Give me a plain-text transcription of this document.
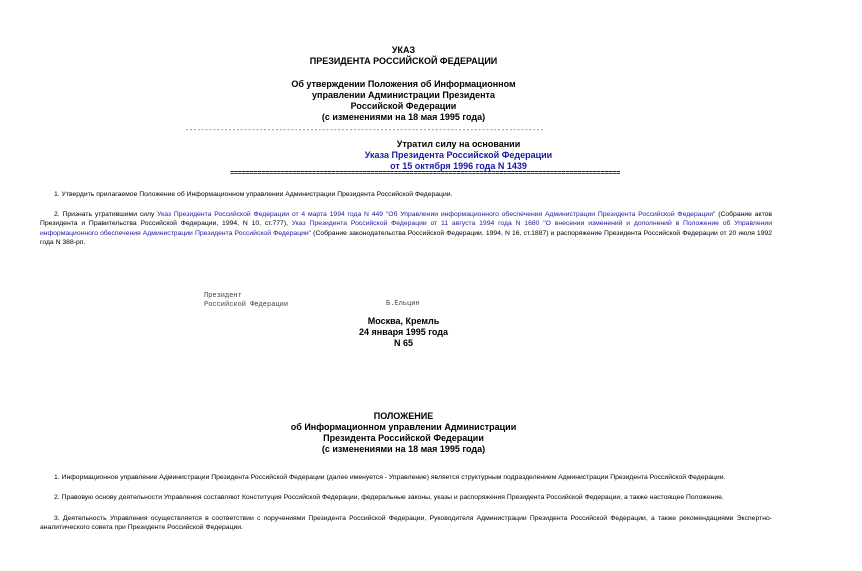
УКАЗ
ПРЕЗИДЕНТА РОССИЙСКОЙ ФЕДЕРАЦИИ
Об утверждении Положения об Информационном
управлении Администрации Президента
Российской Федерации
(с изменениями на 18 мая 1995 года)
--------------------------------------------------------------------------------------------
Утратил силу на основании
Указа Президента Российской Федерации
от 15 октября 1996 года N 1439
====================================================================================================
1. Утвердить прилагаемое Положение об Информационном управлении Администрации Президента Российской Федерации.
2. Признать утратившими силу Указ Президента Российской Федерации от 4 марта 1994 года N 449 "Об Управлении информационного обеспечения Администрации Президента Российской Федерации" (Собрание актов Президента и Правительства Российской Федерации, 1994, N 10, ст.777), Указ Президента Российской Федерации от 11 августа 1994 года N 1680 "О внесении изменений и дополнений в Положение об Управлении информационного обеспечения Администрации Президента Российской Федерации" (Собрание законодательства Российской Федерации, 1994, N 16, ст.1887) и распоряжение Президента Российской Федерации от 20 июля 1992 года N 388-рп.
Президент
Российской Федерации	Б.Ельцин
Москва, Кремль
24 января 1995 года
N 65
ПОЛОЖЕНИЕ
об Информационном управлении Администрации
Президента Российской Федерации
(с изменениями на 18 мая 1995 года)
1. Информационное управление Администрации Президента Российской Федерации (далее именуется - Управление) является структурным подразделением Администрации Президента Российской Федерации.
2. Правовую основу деятельности Управления составляют Конституция Российской Федерации, федеральные законы, указы и распоряжения Президента Российской Федерации, а также настоящее Положение.
3. Деятельность Управления осуществляется в соответствии с поручениями Президента Российской Федерации, Руководителя Администрации Президента Российской Федерации, а также рекомендациями Экспертно-аналитического совета при Президенте Российской Федерации.
